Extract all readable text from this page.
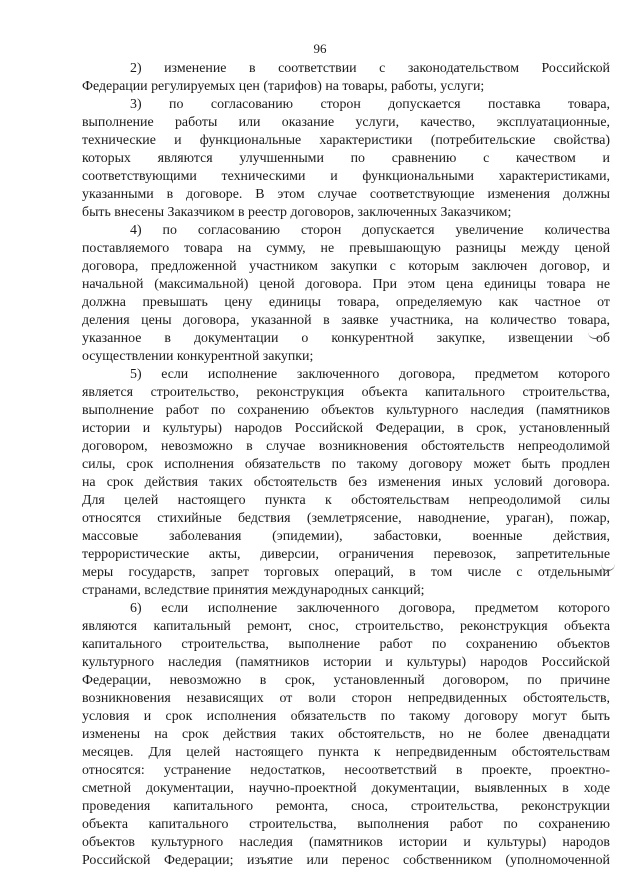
96
2) изменение в соответствии с законодательством Российской
Федерации регулируемых цен (тарифов) на товары, работы, услуги;
3) по согласованию сторон допускается поставка товара,
выполнение работы или оказание услуги, качество, эксплуатационные,
технические и функциональные характеристики (потребительские свойства)
которых являются улучшенными по сравнению с качеством и
соответствующими техническими и функциональными характеристиками,
указанными в договоре. В этом случае соответствующие изменения должны
быть внесены Заказчиком в реестр договоров, заключенных Заказчиком;
4) по согласованию сторон допускается увеличение количества
поставляемого товара на сумму, не превышающую разницы между ценой
договора, предложенной участником закупки с которым заключен договор, и
начальной (максимальной) ценой договора. При этом цена единицы товара не
должна превышать цену единицы товара, определяемую как частное от
деления цены договора, указанной в заявке участника, на количество товара,
указанное в документации о конкурентной закупке, извещении об
осуществлении конкурентной закупки;
5) если исполнение заключенного договора, предметом которого
является строительство, реконструкция объекта капитального строительства,
выполнение работ по сохранению объектов культурного наследия (памятников
истории и культуры) народов Российской Федерации, в срок, установленный
договором, невозможно в случае возникновения обстоятельств непреодолимой
силы, срок исполнения обязательств по такому договору может быть продлен
на срок действия таких обстоятельств без изменения иных условий договора.
Для целей настоящего пункта к обстоятельствам непреодолимой силы
относятся стихийные бедствия (землетрясение, наводнение, ураган), пожар,
массовые заболевания (эпидемии), забастовки, военные действия,
террористические акты, диверсии, ограничения перевозок, запретительные
меры государств, запрет торговых операций, в том числе с отдельными
странами, вследствие принятия международных санкций;
6) если исполнение заключенного договора, предметом которого
являются капитальный ремонт, снос, строительство, реконструкция объекта
капитального строительства, выполнение работ по сохранению объектов
культурного наследия (памятников истории и культуры) народов Российской
Федерации, невозможно в срок, установленный договором, по причине
возникновения независящих от воли сторон непредвиденных обстоятельств,
условия и срок исполнения обязательств по такому договору могут быть
изменены на срок действия таких обстоятельств, но не более двенадцати
месяцев. Для целей настоящего пункта к непредвиденным обстоятельствам
относятся: устранение недостатков, несоответствий в проекте, проектно-
сметной документации, научно-проектной документации, выявленных в ходе
проведения капитального ремонта, сноса, строительства, реконструкции
объекта капитального строительства, выполнения работ по сохранению
объектов культурного наследия (памятников истории и культуры) народов
Российской Федерации; изъятие или перенос собственником (уполномоченной
